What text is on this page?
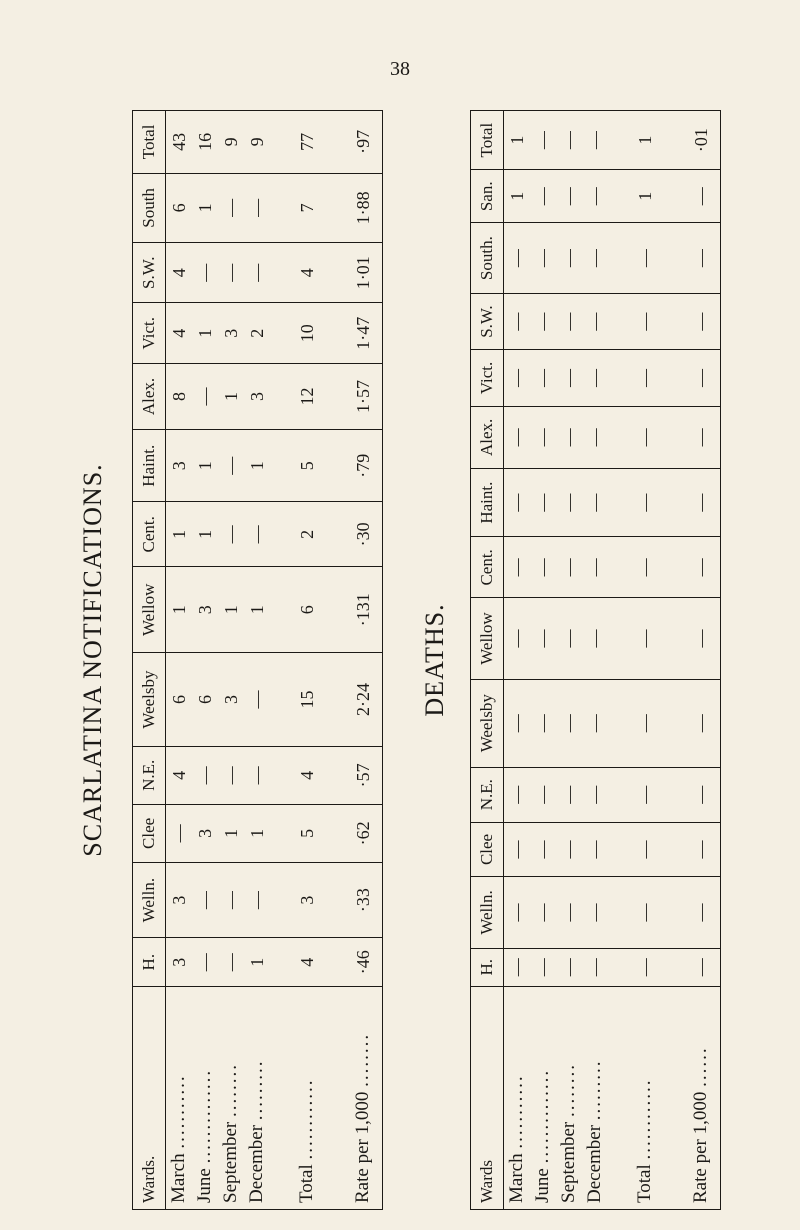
38
SCARLATINA NOTIFICATIONS.
Wards.	H.	Welln.	Clee	N.E.	Weelsby	Wellow	Cent.	Haint.	Alex.	Vict.	S.W.	South	Total
March ...........	3	3	—	4	6	1	1	3	8	4	4	6	43
June ..............	—	—	3	—	6	3	1	1	—	1	—	1	16
September ........	—	—	1	—	3	1	—	—	1	3	—	—	9
December .........	1	—	1	—	—	1	—	1	3	2	—	—	9
Total ............	4	3	5	4	15	6	2	5	12	10	4	7	77
Rate per 1,000 ........	·46	·33	·62	·57	2·24	·131	·30	·79	1·57	1·47	1·01	1·88	·97
DEATHS.
Wards	H.	Welln.	Clee	N.E.	Weelsby	Wellow	Cent.	Haint.	Alex.	Vict.	S.W.	South.	San.	Total
March ...........	—	—	—	—	—	—	—	—	—	—	—	—	1	1
June ..............	—	—	—	—	—	—	—	—	—	—	—	—	—	—
September ........	—	—	—	—	—	—	—	—	—	—	—	—	—	—
December .........	—	—	—	—	—	—	—	—	—	—	—	—	—	—
Total ............	—	—	—	—	—	—	—	—	—	—	—	—	1	1
Rate per 1,000 ......	—	—	—	—	—	—	—	—	—	—	—	—	—	·01
